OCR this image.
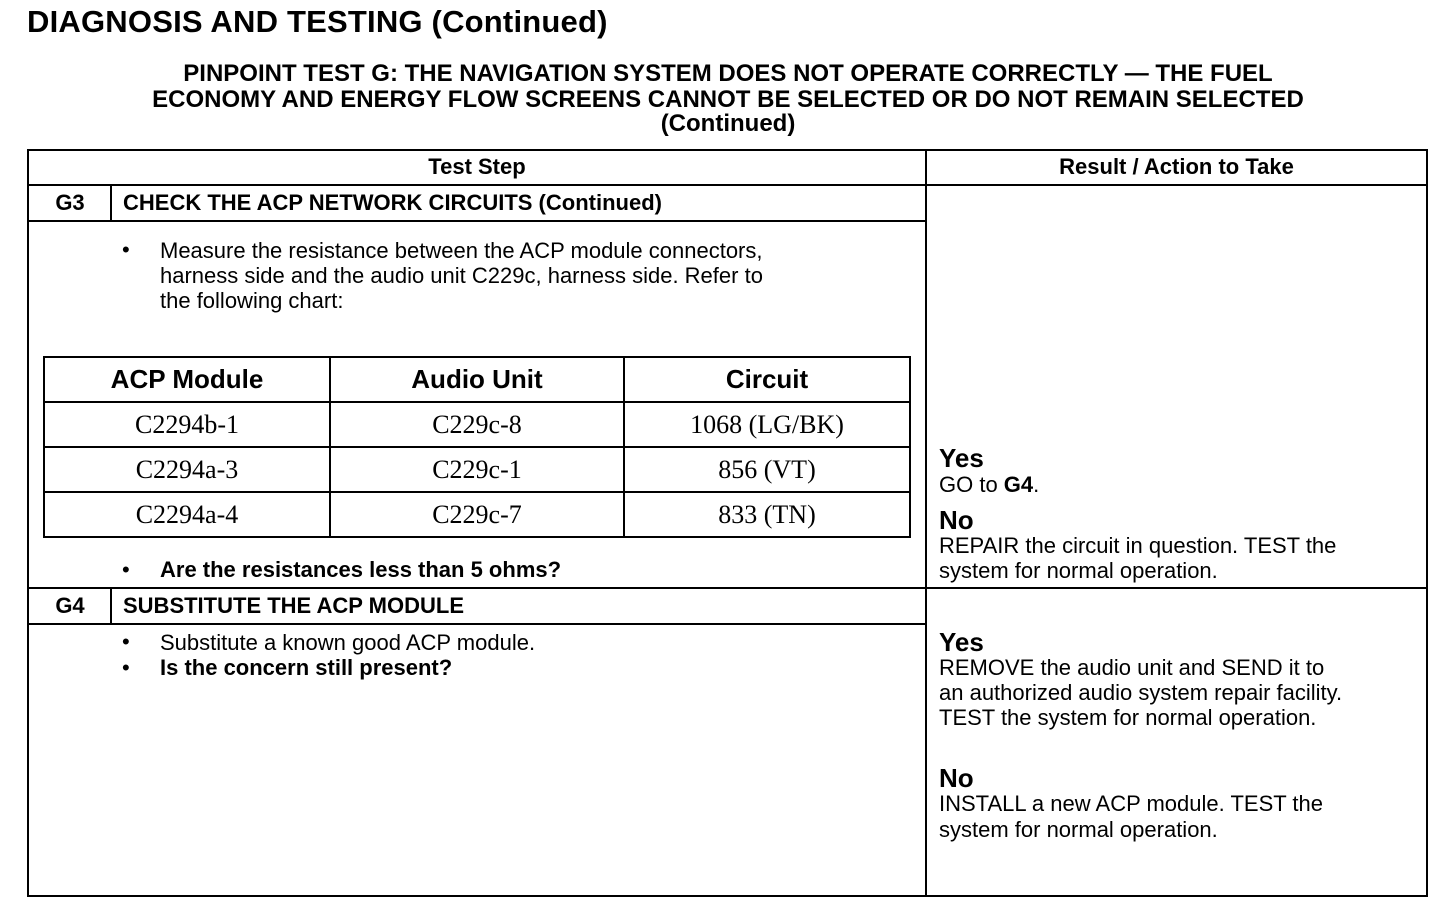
DIAGNOSIS AND TESTING (Continued)
PINPOINT TEST G: THE NAVIGATION SYSTEM DOES NOT OPERATE CORRECTLY — THE FUEL
ECONOMY AND ENERGY FLOW SCREENS CANNOT BE SELECTED OR DO NOT REMAIN SELECTED
(Continued)
Test Step	Result / Action to Take
G3	CHECK THE ACP NETWORK CIRCUITS (Continued)
• Measure the resistance between the ACP module connectors,
harness side and the audio unit C229c, harness side. Refer to
the following chart:
ACP Module	Audio Unit	Circuit
C2294b-1	C229c-8	1068 (LG/BK)
C2294a-3	C229c-1	856 (VT)
C2294a-4	C229c-7	833 (TN)
• Are the resistances less than 5 ohms?
Yes
GO to G4.
No
REPAIR the circuit in question. TEST the
system for normal operation.
G4	SUBSTITUTE THE ACP MODULE
• Substitute a known good ACP module.
• Is the concern still present?
Yes
REMOVE the audio unit and SEND it to
an authorized audio system repair facility.
TEST the system for normal operation.
No
INSTALL a new ACP module. TEST the
system for normal operation.
